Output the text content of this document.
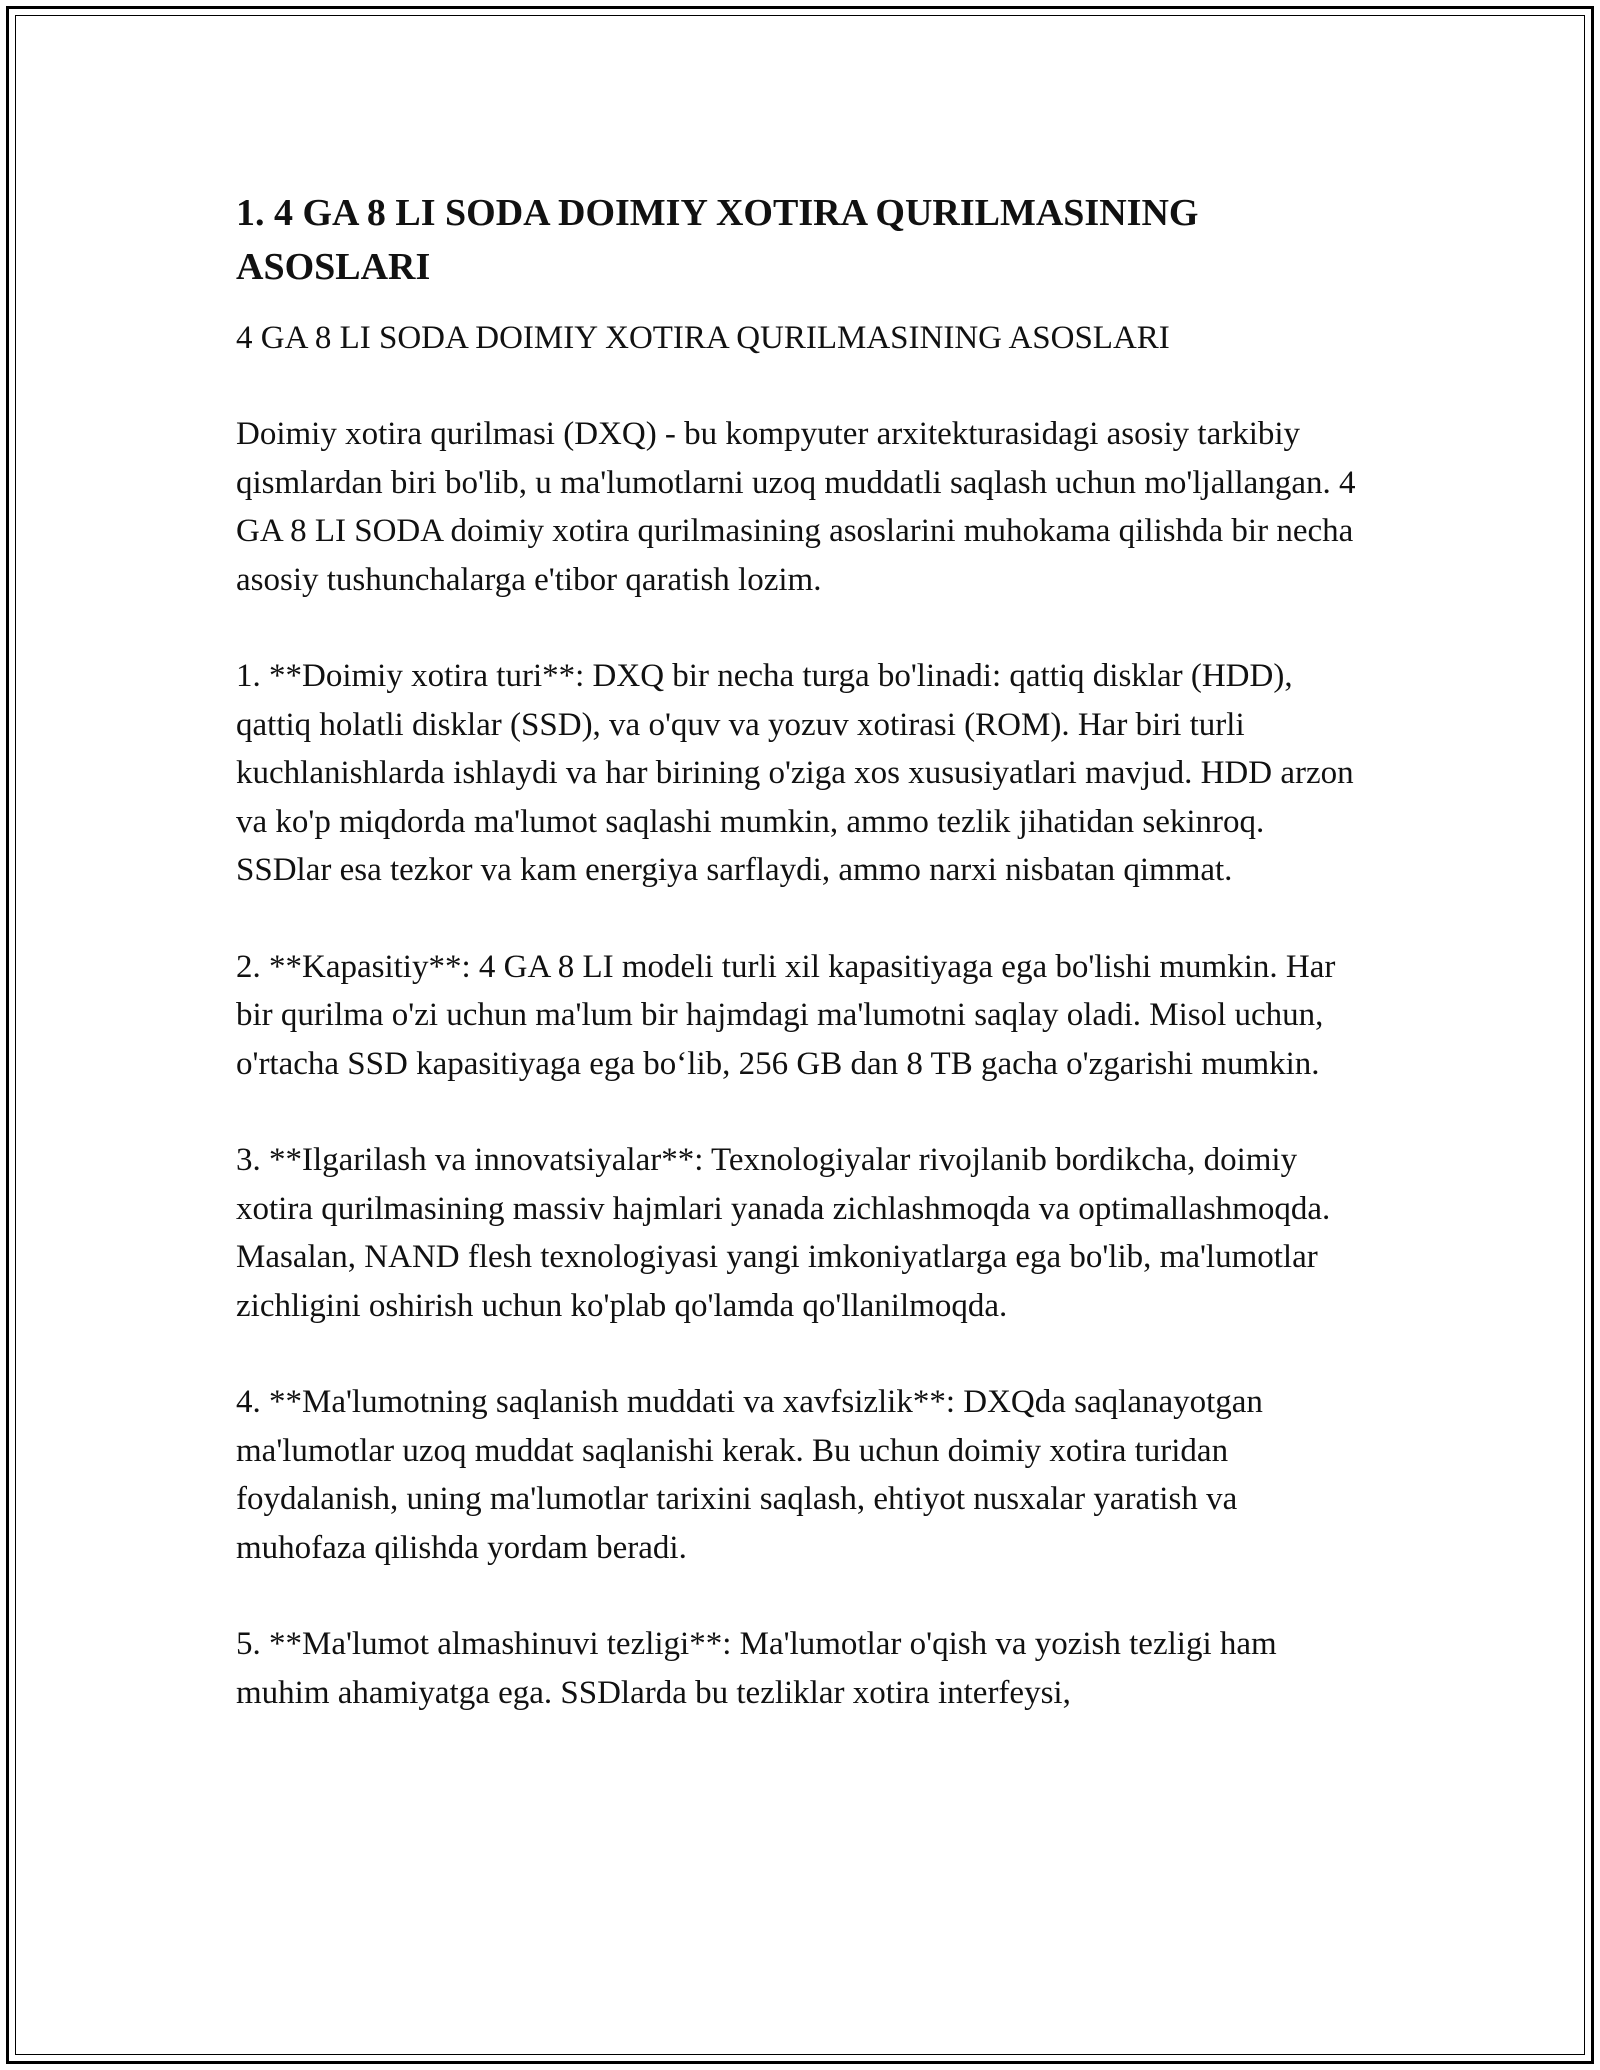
1. 4 GA 8 LI SODA DOIMIY XOTIRA QURILMASINING ASOSLARI

4 GA 8 LI SODA DOIMIY XOTIRA QURILMASINING ASOSLARI

Doimiy xotira qurilmasi (DXQ) - bu kompyuter arxitekturasidagi asosiy tarkibiy qismlardan biri bo'lib, u ma'lumotlarni uzoq muddatli saqlash uchun mo'ljallangan. 4 GA 8 LI SODA doimiy xotira qurilmasining asoslarini muhokama qilishda bir necha asosiy tushunchalarga e'tibor qaratish lozim.

1. **Doimiy xotira turi**: DXQ bir necha turga bo'linadi: qattiq disklar (HDD), qattiq holatli disklar (SSD), va o'quv va yozuv xotirasi (ROM). Har biri turli kuchlanishlarda ishlaydi va har birining o'ziga xos xususiyatlari mavjud. HDD arzon va ko'p miqdorda ma'lumot saqlashi mumkin, ammo tezlik jihatidan sekinroq. SSDlar esa tezkor va kam energiya sarflaydi, ammo narxi nisbatan qimmat.

2. **Kapasitiy**: 4 GA 8 LI modeli turli xil kapasitiyaga ega bo'lishi mumkin. Har bir qurilma o'zi uchun ma'lum bir hajmdagi ma'lumotni saqlay oladi. Misol uchun, o'rtacha SSD kapasitiyaga ega bo‘lib, 256 GB dan 8 TB gacha o'zgarishi mumkin.

3. **Ilgarilash va innovatsiyalar**: Texnologiyalar rivojlanib bordikcha, doimiy xotira qurilmasining massiv hajmlari yanada zichlashmoqda va optimallashmoqda. Masalan, NAND flesh texnologiyasi yangi imkoniyatlarga ega bo'lib, ma'lumotlar zichligini oshirish uchun ko'plab qo'lamda qo'llanilmoqda.

4. **Ma'lumotning saqlanish muddati va xavfsizlik**: DXQda saqlanayotgan ma'lumotlar uzoq muddat saqlanishi kerak. Bu uchun doimiy xotira turidan foydalanish, uning ma'lumotlar tarixini saqlash, ehtiyot nusxalar yaratish va muhofaza qilishda yordam beradi.

5. **Ma'lumot almashinuvi tezligi**: Ma'lumotlar o'qish va yozish tezligi ham muhim ahamiyatga ega. SSDlarda bu tezliklar xotira interfeysi,
